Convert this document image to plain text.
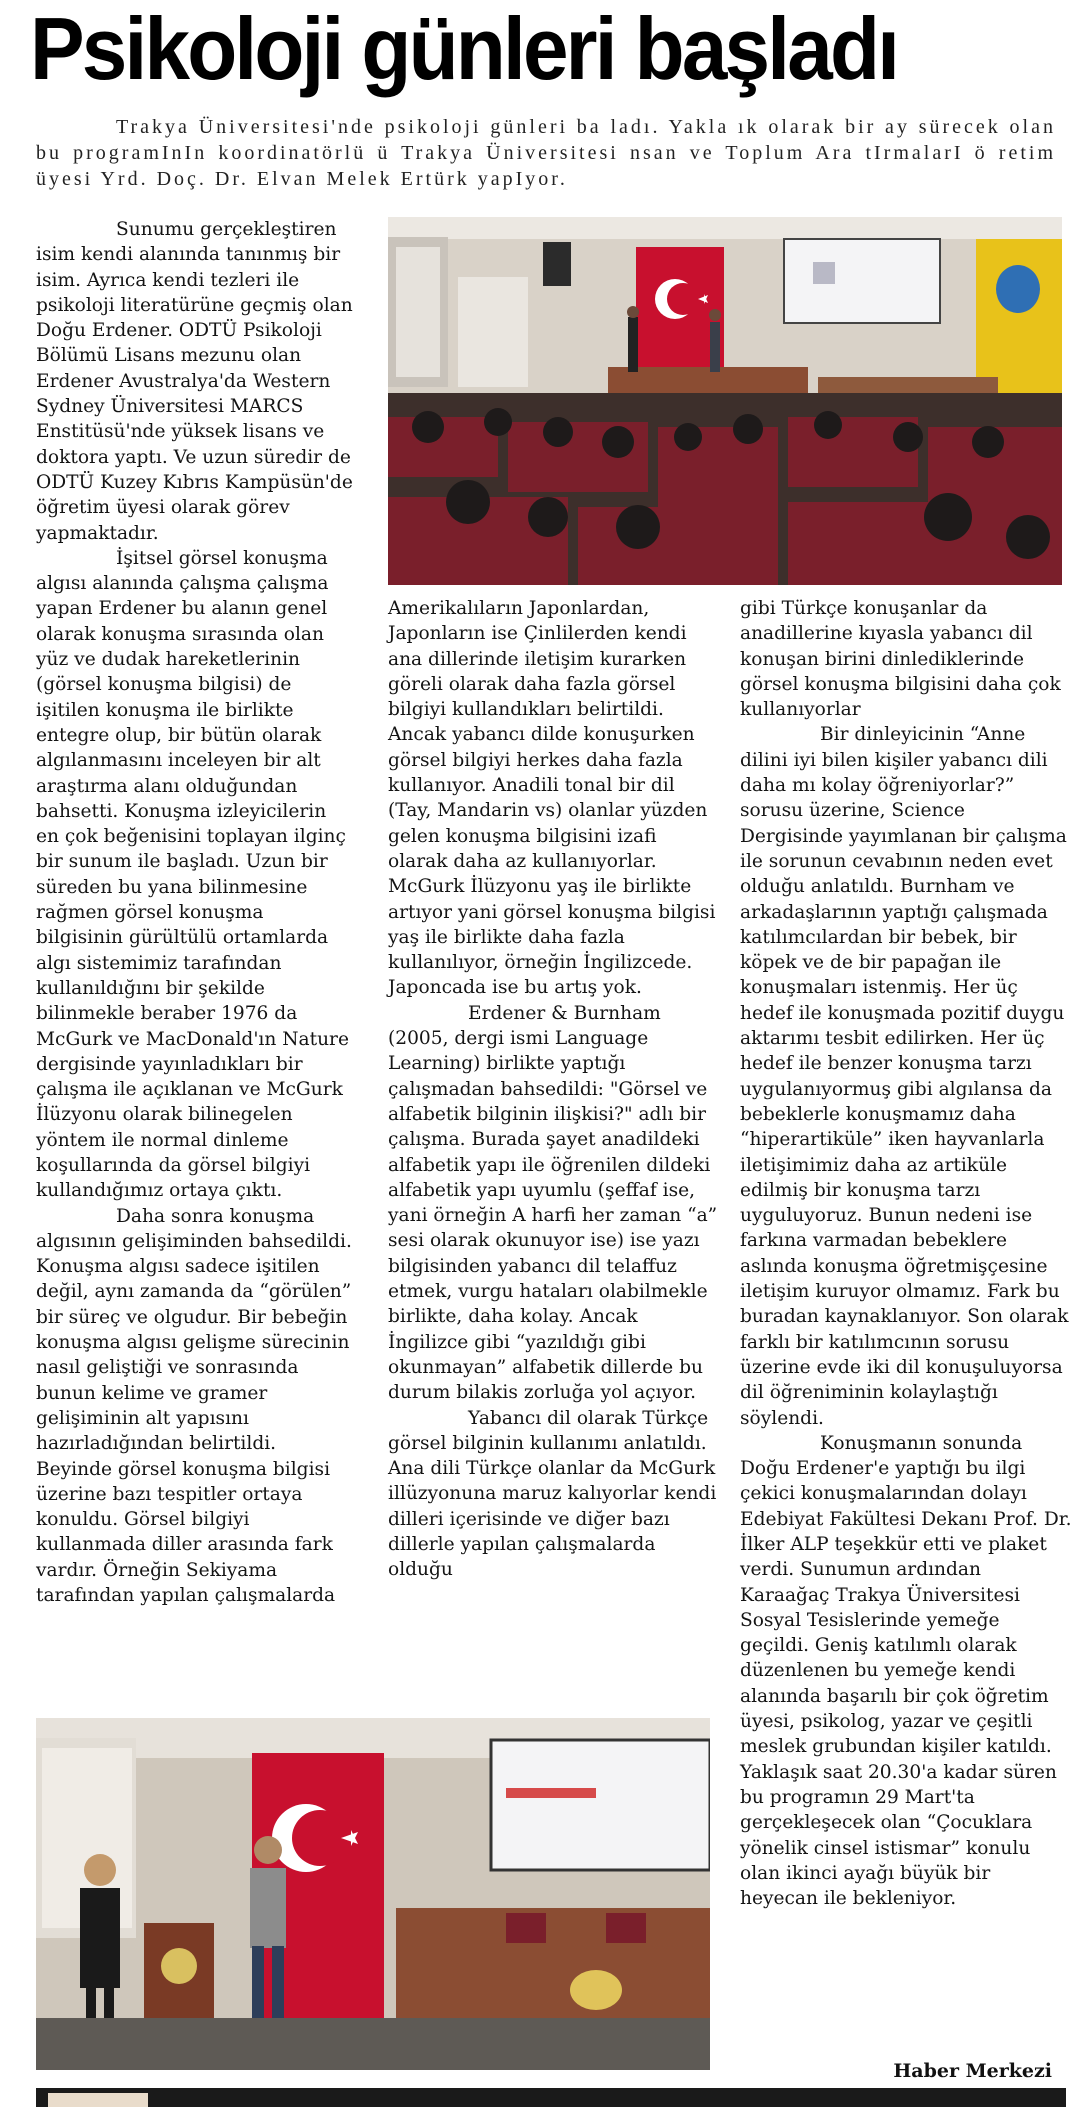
Psikoloji günleri başladı
Trakya Üniversitesi'nde psikoloji günleri ba ladı. Yakla ık olarak bir ay sürecek olan bu programInIn koordinatörlü ü Trakya Üniversitesi nsan ve Toplum Ara tIrmalarI ö retim üyesi Yrd. Doç. Dr. Elvan Melek Ertürk yapIyor.

Sunumu gerçekleştiren isim kendi alanında tanınmış bir isim. Ayrıca kendi tezleri ile psikoloji literatürüne geçmiş olan Doğu Erdener. ODTÜ Psikoloji Bölümü Lisans mezunu olan Erdener Avustralya'da Western Sydney Üniversitesi MARCS Enstitüsü'nde yüksek lisans ve doktora yaptı. Ve uzun süredir de ODTÜ Kuzey Kıbrıs Kampüsün'de öğretim üyesi olarak görev yapmaktadır.

İşitsel görsel konuşma algısı alanında çalışma çalışma yapan Erdener bu alanın genel olarak konuşma sırasında olan yüz ve dudak hareketlerinin (görsel konuşma bilgisi) de işitilen konuşma ile birlikte entegre olup, bir bütün olarak algılanmasını inceleyen bir alt araştırma alanı olduğundan bahsetti. Konuşma izleyicilerin en çok beğenisini toplayan ilginç bir sunum ile başladı. Uzun bir süreden bu yana bilinmesine rağmen görsel konuşma bilgisinin gürültülü ortamlarda algı sistemimiz tarafından kullanıldığını bir şekilde bilinmekle beraber 1976 da McGurk ve MacDonald'ın Nature dergisinde yayınladıkları bir çalışma ile açıklanan ve McGurk İlüzyonu olarak bilinegelen yöntem ile normal dinleme koşullarında da görsel bilgiyi kullandığımız ortaya çıktı.

Daha sonra konuşma algısının gelişiminden bahsedildi. Konuşma algısı sadece işitilen değil, aynı zamanda da “görülen” bir süreç ve olgudur. Bir bebeğin konuşma algısı gelişme sürecinin nasıl geliştiği ve sonrasında bunun kelime ve gramer gelişiminin alt yapısını hazırladığından belirtildi. Beyinde görsel konuşma bilgisi üzerine bazı tespitler ortaya konuldu. Görsel bilgiyi kullanmada diller arasında fark vardır. Örneğin Sekiyama tarafından yapılan çalışmalarda

Amerikalıların Japonlardan, Japonların ise Çinlilerden kendi ana dillerinde iletişim kurarken göreli olarak daha fazla görsel bilgiyi kullandıkları belirtildi. Ancak yabancı dilde konuşurken görsel bilgiyi herkes daha fazla kullanıyor. Anadili tonal bir dil (Tay, Mandarin vs) olanlar yüzden gelen konuşma bilgisini izafi olarak daha az kullanıyorlar. McGurk İlüzyonu yaş ile birlikte artıyor yani görsel konuşma bilgisi yaş ile birlikte daha fazla kullanılıyor, örneğin İngilizcede. Japoncada ise bu artış yok.

Erdener & Burnham (2005, dergi ismi Language Learning) birlikte yaptığı çalışmadan bahsedildi: "Görsel ve alfabetik bilginin ilişkisi?" adlı bir çalışma. Burada şayet anadildeki alfabetik yapı ile öğrenilen dildeki alfabetik yapı uyumlu (şeffaf ise, yani örneğin A harfi her zaman “a” sesi olarak okunuyor ise) ise yazı bilgisinden yabancı dil telaffuz etmek, vurgu hataları olabilmekle birlikte, daha kolay. Ancak İngilizce gibi “yazıldığı gibi okunmayan” alfabetik dillerde bu durum bilakis zorluğa yol açıyor.

Yabancı dil olarak Türkçe görsel bilginin kullanımı anlatıldı. Ana dili Türkçe olanlar da McGurk illüzyonuna maruz kalıyorlar kendi dilleri içerisinde ve diğer bazı dillerle yapılan çalışmalarda olduğu

gibi Türkçe konuşanlar da anadillerine kıyasla yabancı dil konuşan birini dinlediklerinde görsel konuşma bilgisini daha çok kullanıyorlar

Bir dinleyicinin “Anne dilini iyi bilen kişiler yabancı dili daha mı kolay öğreniyorlar?” sorusu üzerine, Science Dergisinde yayımlanan bir çalışma ile sorunun cevabının neden evet olduğu anlatıldı. Burnham ve arkadaşlarının yaptığı çalışmada katılımcılardan bir bebek, bir köpek ve de bir papağan ile konuşmaları istenmiş. Her üç hedef ile konuşmada pozitif duygu aktarımı tesbit edilirken. Her üç hedef ile benzer konuşma tarzı uygulanıyormuş gibi algılansa da bebeklerle konuşmamız daha “hiperartiküle” iken hayvanlarla iletişimimiz daha az artiküle edilmiş bir konuşma tarzı uyguluyoruz. Bunun nedeni ise farkına varmadan bebeklere aslında konuşma öğretmişçesine iletişim kuruyor olmamız. Fark bu buradan kaynaklanıyor. Son olarak farklı bir katılımcının sorusu üzerine evde iki dil konuşuluyorsa dil öğreniminin kolaylaştığı söylendi.

Konuşmanın sonunda Doğu Erdener'e yaptığı bu ilgi çekici konuşmalarından dolayı Edebiyat Fakültesi Dekanı Prof. Dr. İlker ALP teşekkür etti ve plaket verdi. Sunumun ardından Karaağaç Trakya Üniversitesi Sosyal Tesislerinde yemeğe geçildi. Geniş katılımlı olarak düzenlenen bu yemeğe kendi alanında başarılı bir çok öğretim üyesi, psikolog, yazar ve çeşitli meslek grubundan kişiler katıldı. Yaklaşık saat 20.30'a kadar süren bu programın 29 Mart'ta gerçekleşecek olan “Çocuklara yönelik cinsel istismar” konulu olan ikinci ayağı büyük bir heyecan ile bekleniyor.

Haber Merkezi
